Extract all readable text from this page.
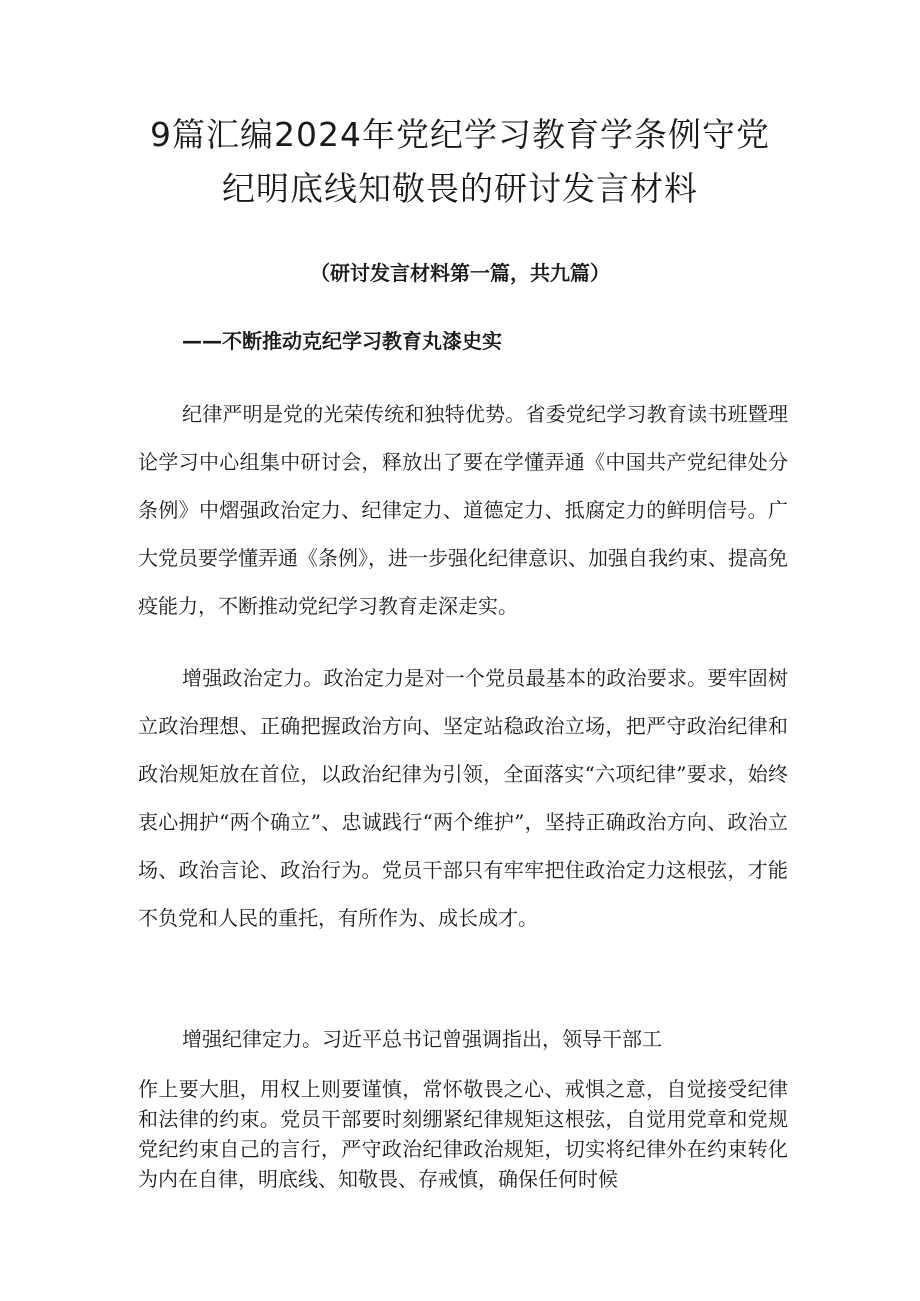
9篇汇编2024年党纪学习教育学条例守党
纪明底线知敬畏的研讨发言材料

（研讨发言材料第一篇，共九篇）

——不断推动克纪学习教育丸漆史实

纪律严明是党的光荣传统和独特优势。省委党纪学习教育读书班暨理论学习中心组集中研讨会，释放出了要在学懂弄通《中国共产党纪律处分条例》中熠强政治定力、纪律定力、道德定力、抵腐定力的鲜明信号。广大党员要学懂弄通《条例》，进一步强化纪律意识、加强自我约束、提高免疫能力，不断推动党纪学习教育走深走实。

增强政治定力。政治定力是对一个党员最基本的政治要求。要牢固树立政治理想、正确把握政治方向、坚定站稳政治立场，把严守政治纪律和政治规矩放在首位，以政治纪律为引领，全面落实“六项纪律”要求，始终衷心拥护“两个确立”、忠诚践行“两个维护”，坚持正确政治方向、政治立场、政治言论、政治行为。党员干部只有牢牢把住政治定力这根弦，才能不负党和人民的重托，有所作为、成长成才。

增强纪律定力。习近平总书记曾强调指出，领导干部工

作上要大胆，用权上则要谨慎，常怀敬畏之心、戒惧之意，自觉接受纪律和法律的约束。党员干部要时刻绷紧纪律规矩这根弦，自觉用党章和党规党纪约束自己的言行，严守政治纪律政治规矩，切实将纪律外在约束转化为内在自律，明底线、知敬畏、存戒慎，确保任何时候
